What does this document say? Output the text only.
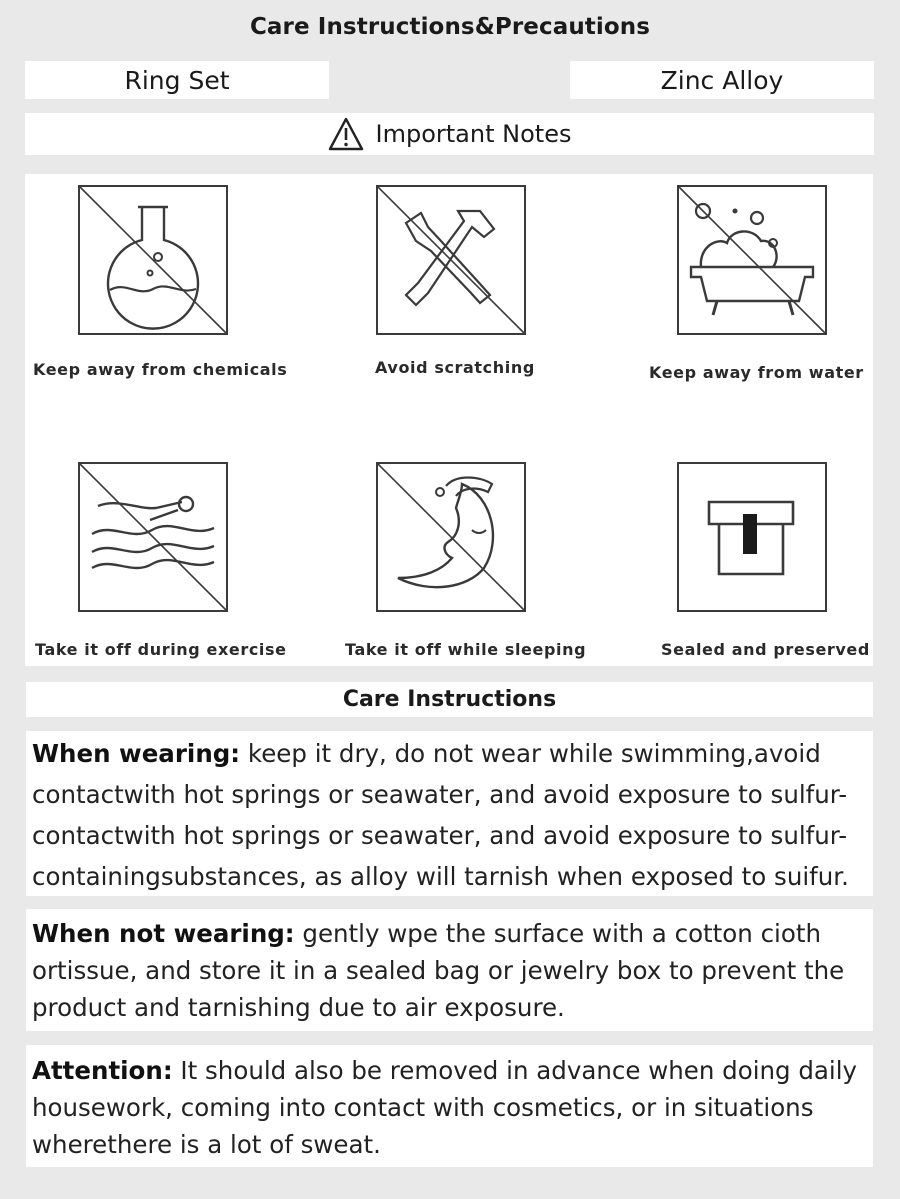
Care Instructions&Precautions
Ring Set	Zinc Alloy
Important Notes
Keep away from chemicals	Avoid scratching	Keep away from water
Take it off during exercise	Take it off while sleeping	Sealed and preserved
Care Instructions
When wearing: keep it dry, do not wear while swimming,avoid
contactwith hot springs or seawater, and avoid exposure to sulfur-
contactwith hot springs or seawater, and avoid exposure to sulfur-
containingsubstances, as alloy will tarnish when exposed to suifur.
When not wearing: gently wpe the surface with a cotton cioth
ortissue, and store it in a sealed bag or jewelry box to prevent the
product and tarnishing due to air exposure.
Attention: It should also be removed in advance when doing daily
housework, coming into contact with cosmetics, or in situations
wherethere is a lot of sweat.
